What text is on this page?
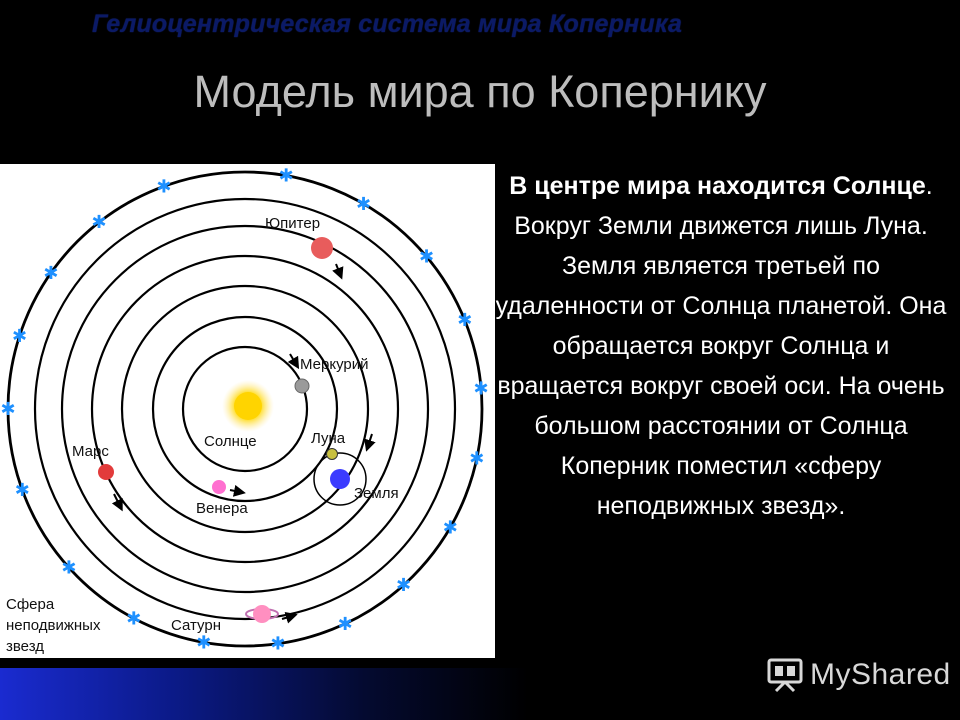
Гелиоцентрическая система мира Коперника
Модель мира по Копернику
✱
✱
✱
✱
✱
✱
✱
✱
✱
✱
✱
✱
✱
✱
✱
✱
✱
✱
✱
Юпитер
Меркурий
Солнце	Луна
Марс
Венера
Земля
Сатурн
Сфера
неподвижных
звезд
В центре мира находится Солнце.
Вокруг Земли движется лишь Луна. Земля является третьей по удаленности от Солнца планетой. Она обращается вокруг Солнца и вращается вокруг своей оси. На очень большом расстоянии от Солнца Коперник поместил «сферу неподвижных звезд».
MyShared
